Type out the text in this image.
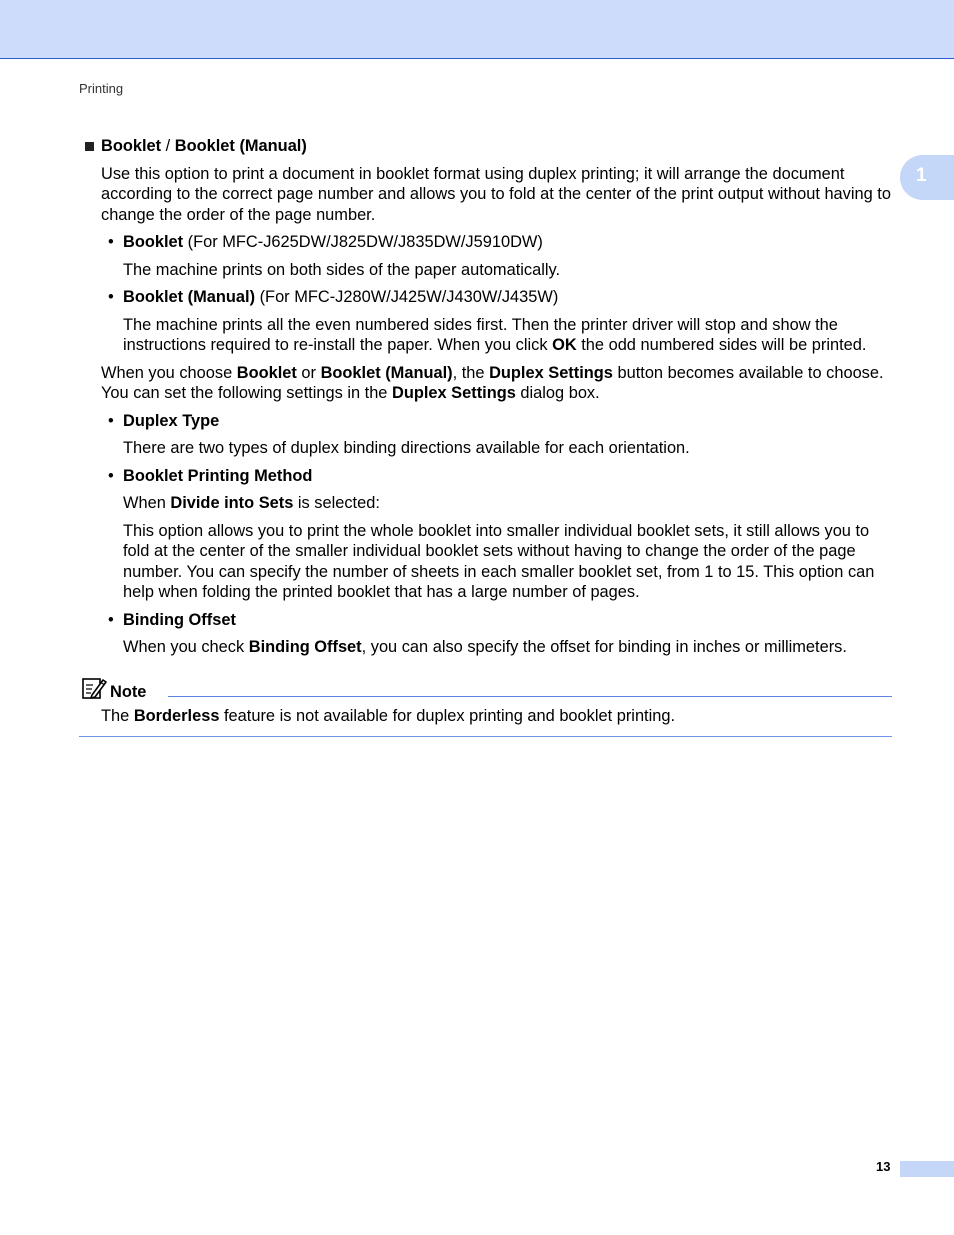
Printing
1

Booklet / Booklet (Manual)

Use this option to print a document in booklet format using duplex printing; it will arrange the document according to the correct page number and allows you to fold at the center of the print output without having to change the order of the page number.

• Booklet (For MFC-J625DW/J825DW/J835DW/J5910DW)

The machine prints on both sides of the paper automatically.

• Booklet (Manual) (For MFC-J280W/J425W/J430W/J435W)

The machine prints all the even numbered sides first. Then the printer driver will stop and show the instructions required to re-install the paper. When you click OK the odd numbered sides will be printed.

When you choose Booklet or Booklet (Manual), the Duplex Settings button becomes available to choose. You can set the following settings in the Duplex Settings dialog box.

• Duplex Type

There are two types of duplex binding directions available for each orientation.

• Booklet Printing Method

When Divide into Sets is selected:

This option allows you to print the whole booklet into smaller individual booklet sets, it still allows you to fold at the center of the smaller individual booklet sets without having to change the order of the page number. You can specify the number of sheets in each smaller booklet set, from 1 to 15. This option can help when folding the printed booklet that has a large number of pages.

• Binding Offset

When you check Binding Offset, you can also specify the offset for binding in inches or millimeters.

Note

The Borderless feature is not available for duplex printing and booklet printing.

13
